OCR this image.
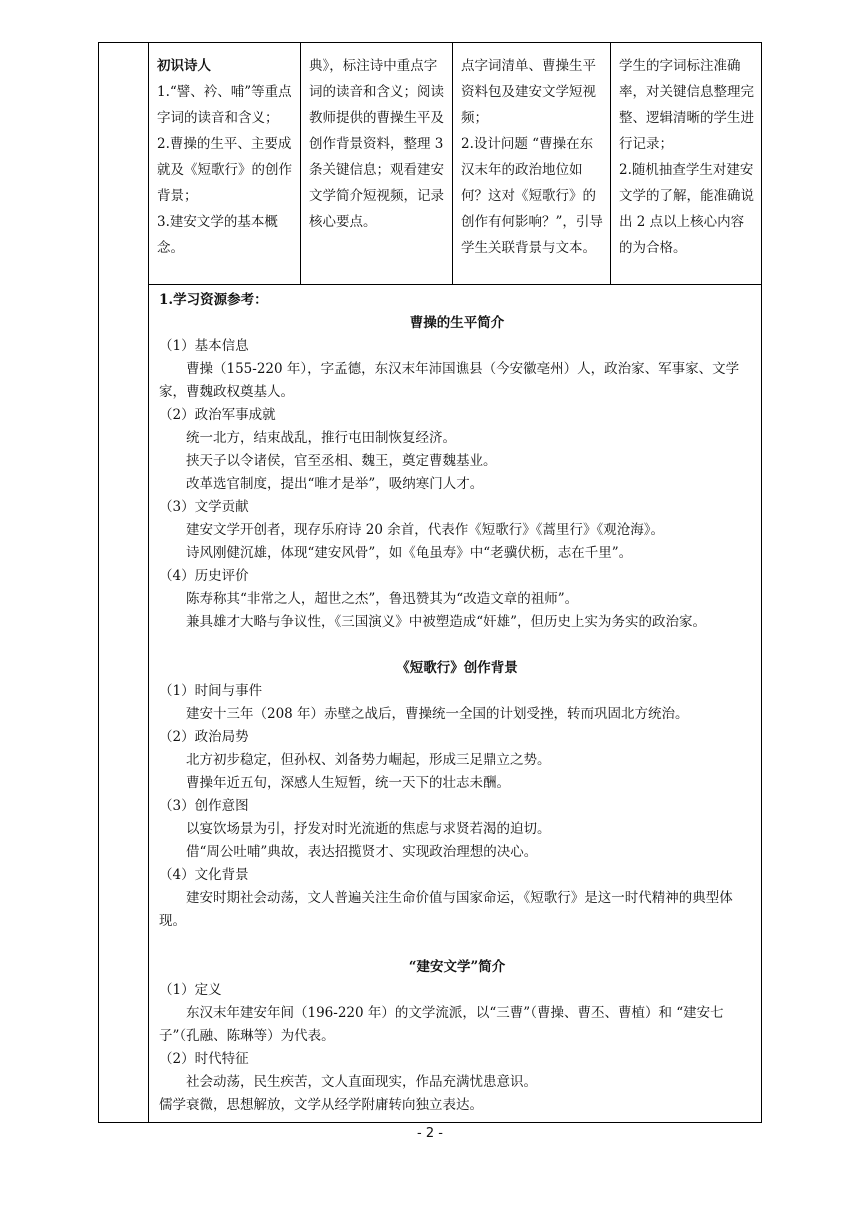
初识诗人
1.“譬、衿、哺”等重点字词的读音和含义；
2.曹操的生平、主要成就及《短歌行》的创作背景；
3.建安文学的基本概念。
典》，标注诗中重点字词的读音和含义；阅读教师提供的曹操生平及创作背景资料，整理 3 条关键信息；观看建安文学简介短视频，记录核心要点。
点字词清单、曹操生平资料包及建安文学短视频；
2.设计问题 “曹操在东汉末年的政治地位如何？这对《短歌行》的创作有何影响？”，引导学生关联背景与文本。
学生的字词标注准确率，对关键信息整理完整、逻辑清晰的学生进行记录；
2.随机抽查学生对建安文学的了解，能准确说出 2 点以上核心内容的为合格。

1.学习资源参考：

曹操的生平简介

（1）基本信息

曹操（155-220 年），字孟德，东汉末年沛国谯县（今安徽亳州）人，政治家、军事家、文学家，曹魏政权奠基人。

（2）政治军事成就

统一北方，结束战乱，推行屯田制恢复经济。

挟天子以令诸侯，官至丞相、魏王，奠定曹魏基业。

改革选官制度，提出“唯才是举”，吸纳寒门人才。

（3）文学贡献

建安文学开创者，现存乐府诗 20 余首，代表作《短歌行》《蒿里行》《观沧海》。

诗风刚健沉雄，体现“建安风骨”，如《龟虽寿》中“老骥伏枥，志在千里”。

（4）历史评价

陈寿称其“非常之人，超世之杰”，鲁迅赞其为“改造文章的祖师”。

兼具雄才大略与争议性，《三国演义》中被塑造成“奸雄”，但历史上实为务实的政治家。

《短歌行》创作背景

（1）时间与事件

建安十三年（208 年）赤壁之战后，曹操统一全国的计划受挫，转而巩固北方统治。

（2）政治局势

北方初步稳定，但孙权、刘备势力崛起，形成三足鼎立之势。

曹操年近五旬，深感人生短暂，统一天下的壮志未酬。

（3）创作意图

以宴饮场景为引，抒发对时光流逝的焦虑与求贤若渴的迫切。

借“周公吐哺”典故，表达招揽贤才、实现政治理想的决心。

（4）文化背景

建安时期社会动荡，文人普遍关注生命价值与国家命运，《短歌行》是这一时代精神的典型体现。

“建安文学”简介

（1）定义

东汉末年建安年间（196-220 年）的文学流派，以“三曹”（曹操、曹丕、曹植）和 “建安七子”（孔融、陈琳等）为代表。

（2）时代特征

社会动荡，民生疾苦，文人直面现实，作品充满忧患意识。

儒学衰微，思想解放，文学从经学附庸转向独立表达。

- 2 -
